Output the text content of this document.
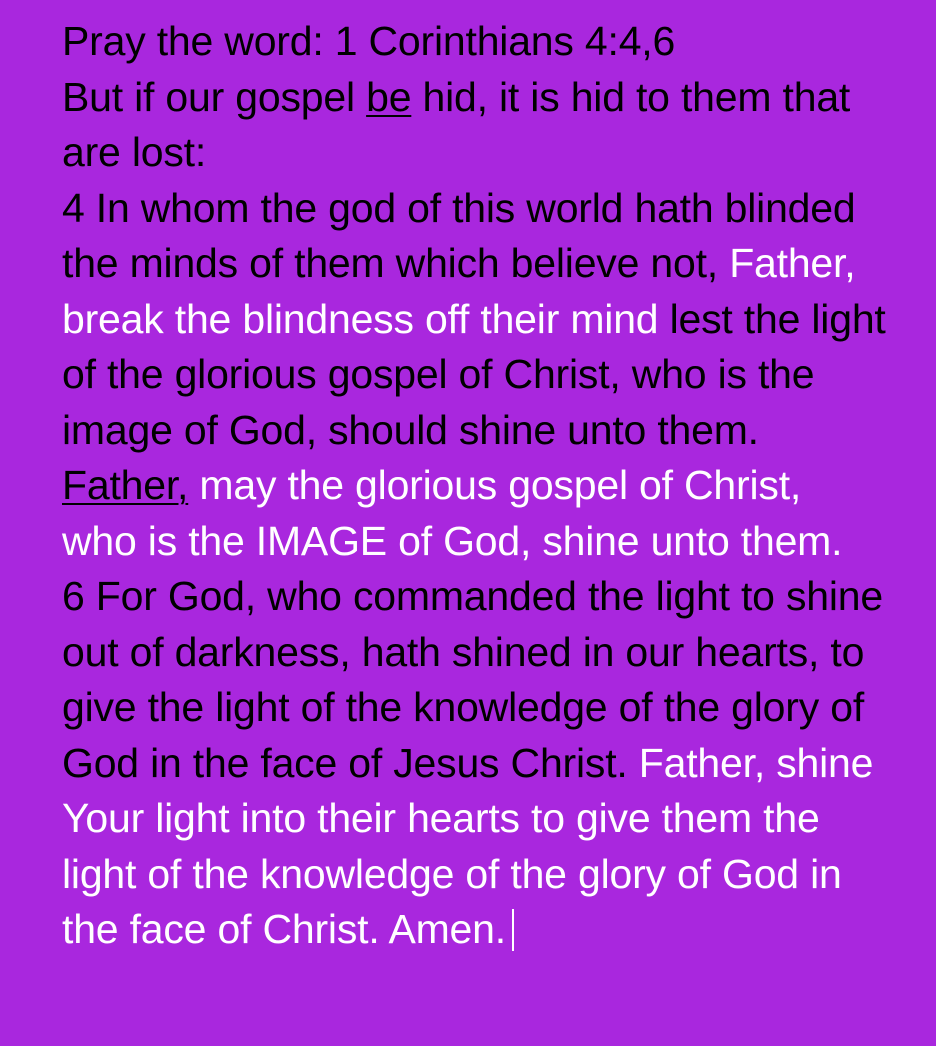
Pray the word: 1 Corinthians 4:4,6
But if our gospel be hid, it is hid to them that are lost:
4 In whom the god of this world hath blinded the minds of them which believe not, Father, break the blindness off their mind lest the light of the glorious gospel of Christ, who is the image of God, should shine unto them. Father, may the glorious gospel of Christ, who is the IMAGE of God, shine unto them.
6 For God, who commanded the light to shine out of darkness, hath shined in our hearts, to give the light of the knowledge of the glory of God in the face of Jesus Christ. Father, shine Your light into their hearts to give them the light of the knowledge of the glory of God in the face of Christ. Amen.
